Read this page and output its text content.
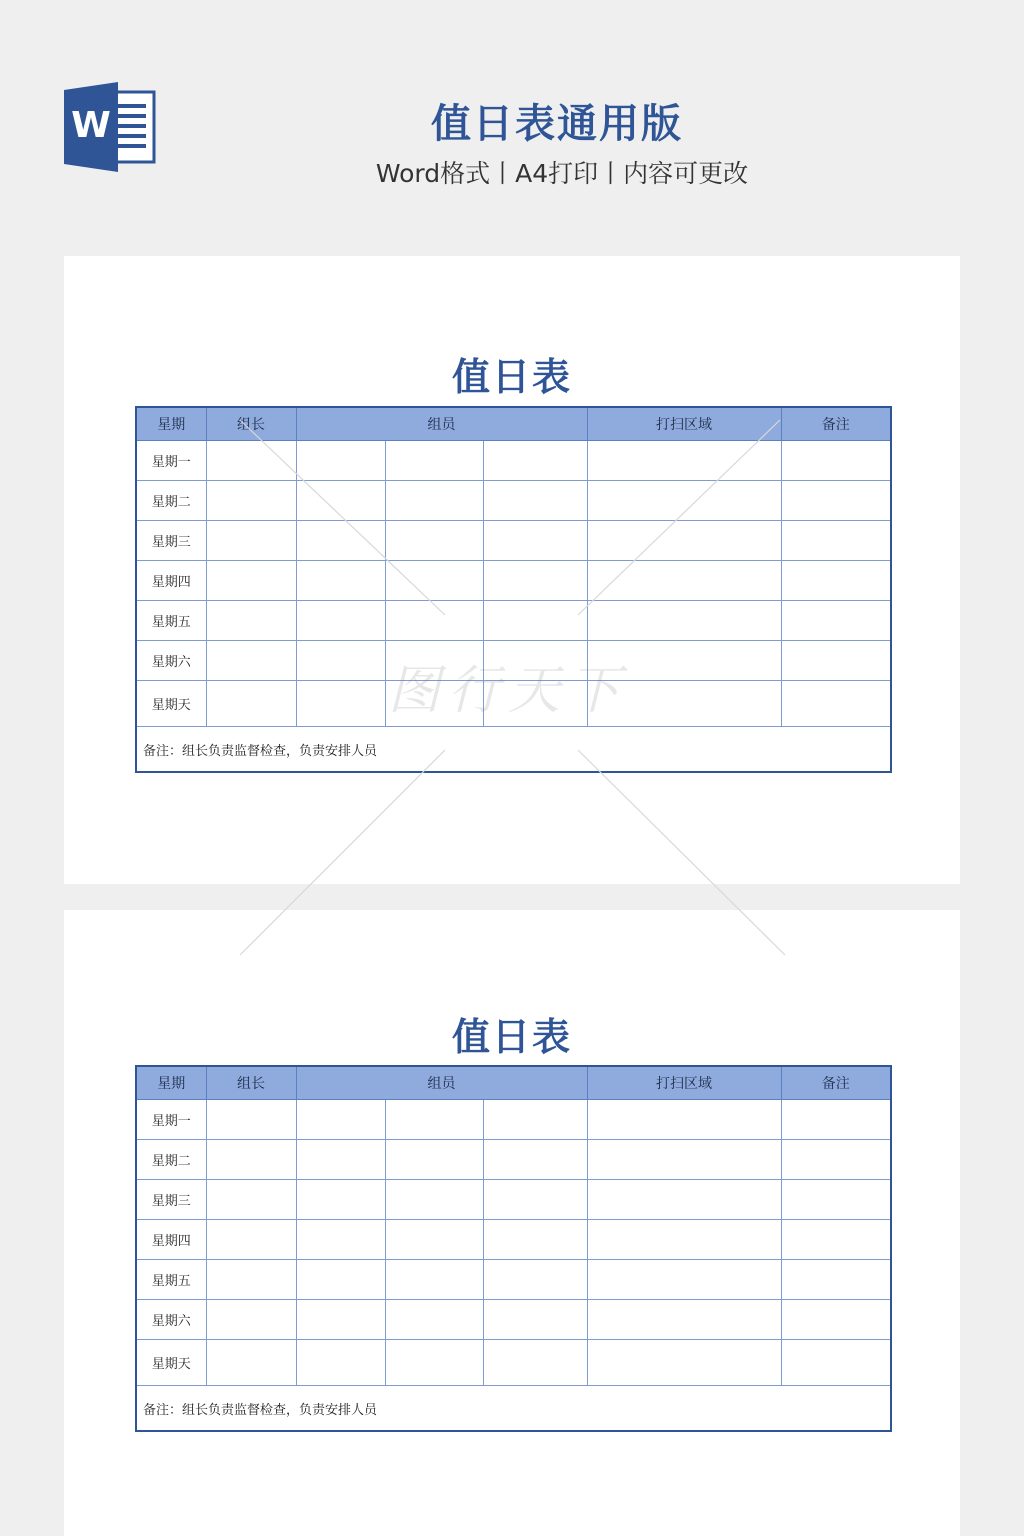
W	值日表通用版
Word格式丨A4打印丨内容可更改
值日表
星期	组长	组员			打扫区域	备注
星期一						
星期二						
星期三						
星期四						
星期五						
星期六						
星期天						
备注：组长负责监督检查，负责安排人员						
值日表
星期	组长	组员			打扫区域	备注
星期一						
星期二						
星期三						
星期四						
星期五						
星期六						
星期天						
备注：组长负责监督检查，负责安排人员						
图行天下
